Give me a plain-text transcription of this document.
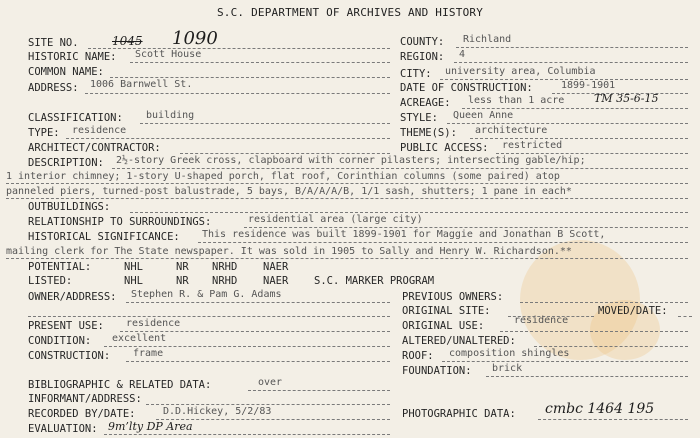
S.C. DEPARTMENT OF ARCHIVES AND HISTORY
SITE NO.	1045 1090
HISTORIC NAME: Scott House
COMMON NAME:
ADDRESS: 1006 Barnwell St.
CLASSIFICATION: building
TYPE: residence
ARCHITECT/CONTRACTOR:
COUNTY: Richland
REGION: 4
CITY: university area, Columbia
DATE OF CONSTRUCTION:	1899-1901
ACREAGE: less than 1 acre	TM 35-6-15
STYLE: Queen Anne
THEME(S): architecture
PUBLIC ACCESS: restricted
DESCRIPTION: 2½-story Greek cross, clapboard with corner pilasters; intersecting gable/hip;
1 interior chimney; 1-story U-shaped porch, flat roof, Corinthian columns (some paired) atop
panneled piers, turned-post balustrade, 5 bays, B/A/A/A/B, 1/1 sash, shutters; 1 pane in each*
OUTBUILDINGS:
RELATIONSHIP TO SURROUNDINGS:	residential area (large city)
HISTORICAL SIGNIFICANCE: This residence was built 1899-1901 for Maggie and Jonathan B Scott,
mailing clerk for The State newspaper. It was sold in 1905 to Sally and Henry W. Richardson.**
POTENTIAL:	NHL	NR NRHD NAER
LISTED:	NHL	NR NRHD NAER S.C. MARKER PROGRAM
OWNER/ADDRESS: Stephen R. & Pam G. Adams	PREVIOUS OWNERS:
ORIGINAL SITE:	MOVED/DATE:
ORIGINAL USE:	residence
PRESENT USE: residence
CONDITION: excellent	ALTERED/UNALTERED:
CONSTRUCTION: frame	ROOF: composition shingles
FOUNDATION: brick
BIBLIOGRAPHIC & RELATED DATA:	over
INFORMANT/ADDRESS:
RECORDED BY/DATE:	D.D.Hickey, 5/2/83	PHOTOGRAPHIC DATA: cmbc 1464 195
EVALUATION: 9m’lty DP Area
